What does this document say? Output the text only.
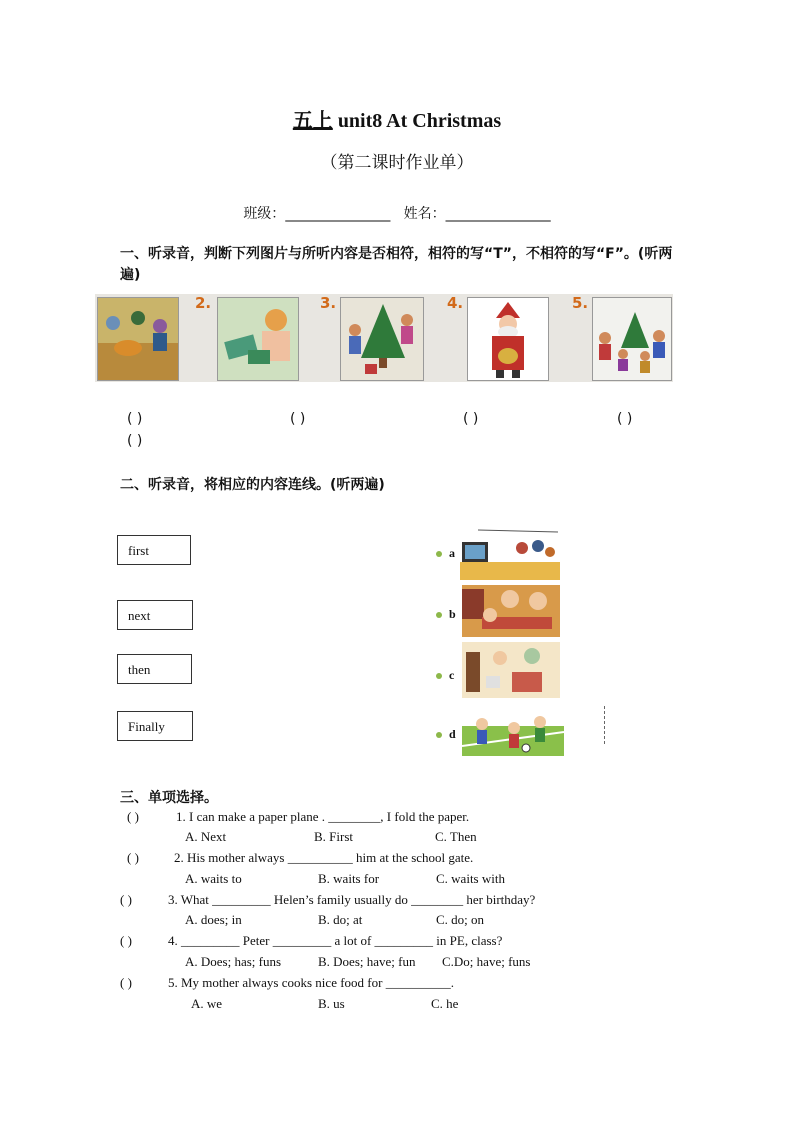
五上 unit8 At Christmas
（第二课时作业单）
班级：_______________ 姓名：_______________
一、听录音，判断下列图片与所听内容是否相符，相符的写“T”，不相符的写“F”。(听两遍)
2.	3.	4.	5.
( )	( )	( )	( )
( )
二、听录音，将相应的内容连线。(听两遍)
first
next
then
Finally
a
b
c
d
三、单项选择。
( )	1. I can make a paper plane . ________, I fold the paper.
A. Next	B. First	C. Then
( )	2. His mother always __________ him at the school gate.
A. waits to	B. waits for	C. waits with
( )	3. What _________ Helen’s family usually do ________ her birthday?
A. does; in	B. do; at	C. do; on
( )	4. _________ Peter _________ a lot of _________ in PE, class?
A. Does; has; funs	B. Does; have; fun C.Do; have; funs
( )	5. My mother always cooks nice food for __________.
A. we	B. us	C. he
